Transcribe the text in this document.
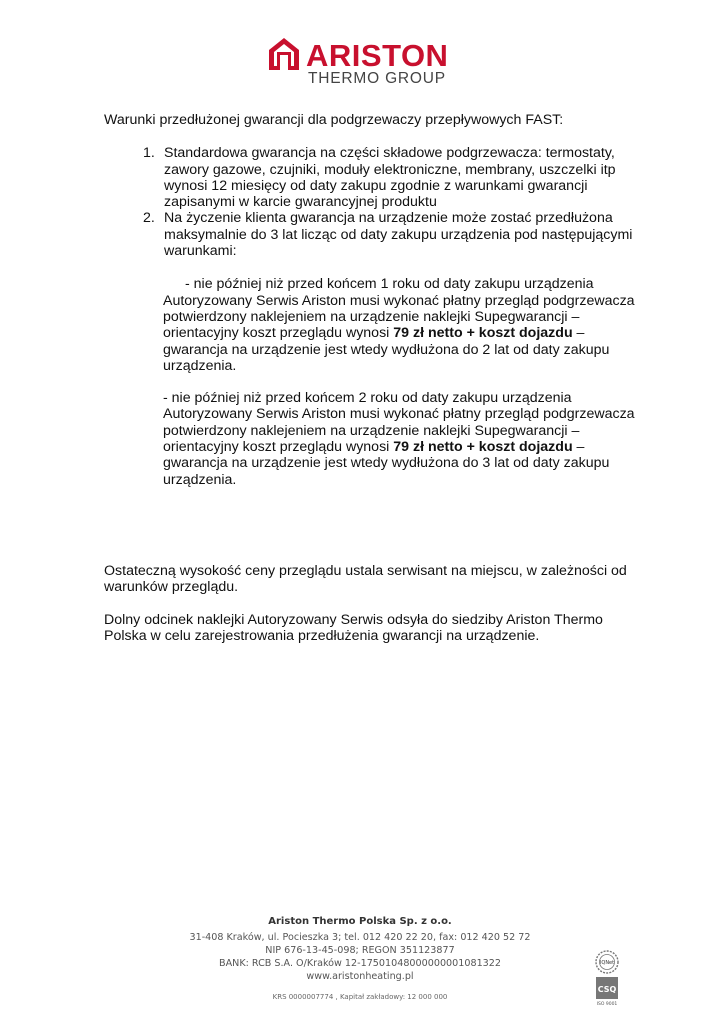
ARISTON
THERMO GROUP

Warunki przedłużonej gwarancji dla podgrzewaczy przepływowych FAST:

1. Standardowa gwarancja na części składowe podgrzewacza: termostaty, zawory gazowe, czujniki, moduły elektroniczne, membrany, uszczelki itp wynosi 12 miesięcy od daty zakupu zgodnie z warunkami gwarancji zapisanymi w karcie gwarancyjnej produktu
2. Na życzenie klienta gwarancja na urządzenie może zostać przedłużona maksymalnie do 3 lat licząc od daty zakupu urządzenia pod następującymi warunkami:

- nie później niż przed końcem 1 roku od daty zakupu urządzenia
Autoryzowany Serwis Ariston musi wykonać płatny przegląd podgrzewacza potwierdzony naklejeniem na urządzenie naklejki Supegwarancji – orientacyjny koszt przeglądu wynosi 79 zł netto + koszt dojazdu – gwarancja na urządzenie jest wtedy wydłużona do 2 lat od daty zakupu urządzenia.

- nie później niż przed końcem 2 roku od daty zakupu urządzenia
Autoryzowany Serwis Ariston musi wykonać płatny przegląd podgrzewacza potwierdzony naklejeniem na urządzenie naklejki Supegwarancji – orientacyjny koszt przeglądu wynosi 79 zł netto + koszt dojazdu – gwarancja na urządzenie jest wtedy wydłużona do 3 lat od daty zakupu urządzenia.

Ostateczną wysokość ceny przeglądu ustala serwisant na miejscu, w zależności od warunków przeglądu.

Dolny odcinek naklejki Autoryzowany Serwis odsyła do siedziby Ariston Thermo Polska w celu zarejestrowania przedłużenia gwarancji na urządzenie.

Ariston Thermo Polska Sp. z o.o.
31-408 Kraków, ul. Pocieszka 3; tel. 012 420 22 20, fax: 012 420 52 72
NIP 676-13-45-098; REGON 351123877
BANK: RCB S.A. O/Kraków 12-17501048000000001081322
www.aristonheating.pl
KRS 0000007774 , Kapitał zakładowy: 12 000 000
IQNet
CSQ
ISO 9001
